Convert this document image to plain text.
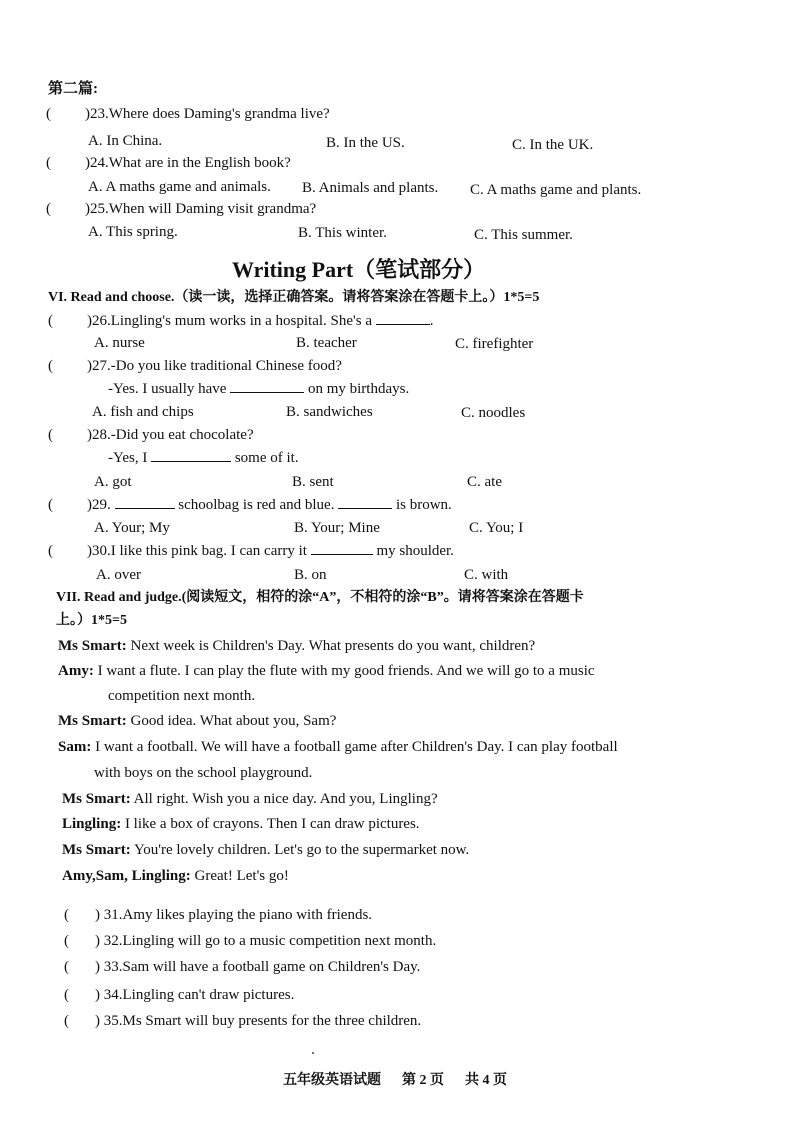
第二篇:
( )23.Where does Daming's grandma live?
A. In China.	B. In the US.	C. In the UK.
( )24.What are in the English book?
A. A maths game and animals. B. Animals and plants. C. A maths game and plants.
( )25.When will Daming visit grandma?
A. This spring.	B. This winter.	C. This summer.
Writing Part（笔试部分）
VI. Read and choose.（读一读，选择正确答案。请将答案涂在答题卡上。）1*5=5
( )26.Lingling's mum works in a hospital. She's a	.
A. nurse	B. teacher	C. firefighter
( )27.-Do you like traditional Chinese food?
-Yes. I usually have	on my birthdays.
A. fish and chips	B. sandwiches	C. noodles
( )28.-Did you eat chocolate?
-Yes, I	some of it.
A. got	B. sent	C. ate
( )29.	schoolbag is red and blue.	is brown.
A. Your; My	B. Your; Mine	C. You; I
( )30.I like this pink bag. I can carry it	my shoulder.
A. over	B. on	C. with
VII. Read and judge.(阅读短文，相符的涂“A”，不相符的涂“B”。请将答案涂在答题卡
上。）1*5=5
Ms Smart: Next week is Children's Day. What presents do you want, children?
Amy: I want a flute. I can play the flute with my good friends. And we will go to a music
competition next month.
Ms Smart: Good idea. What about you, Sam?
Sam: I want a football. We will have a football game after Children's Day. I can play football
with boys on the school playground.
Ms Smart: All right. Wish you a nice day. And you, Lingling?
Lingling: I like a box of crayons. Then I can draw pictures.
Ms Smart: You're lovely children. Let's go to the supermarket now.
Amy,Sam, Lingling: Great! Let's go!
( ) 31.Amy likes playing the piano with friends.
( ) 32.Lingling will go to a music competition next month.
( ) 33.Sam will have a football game on Children's Day.
( ) 34.Lingling can't draw pictures.
( ) 35.Ms Smart will buy presents for the three children.
五年级英语试题 第 2 页 共 4 页
